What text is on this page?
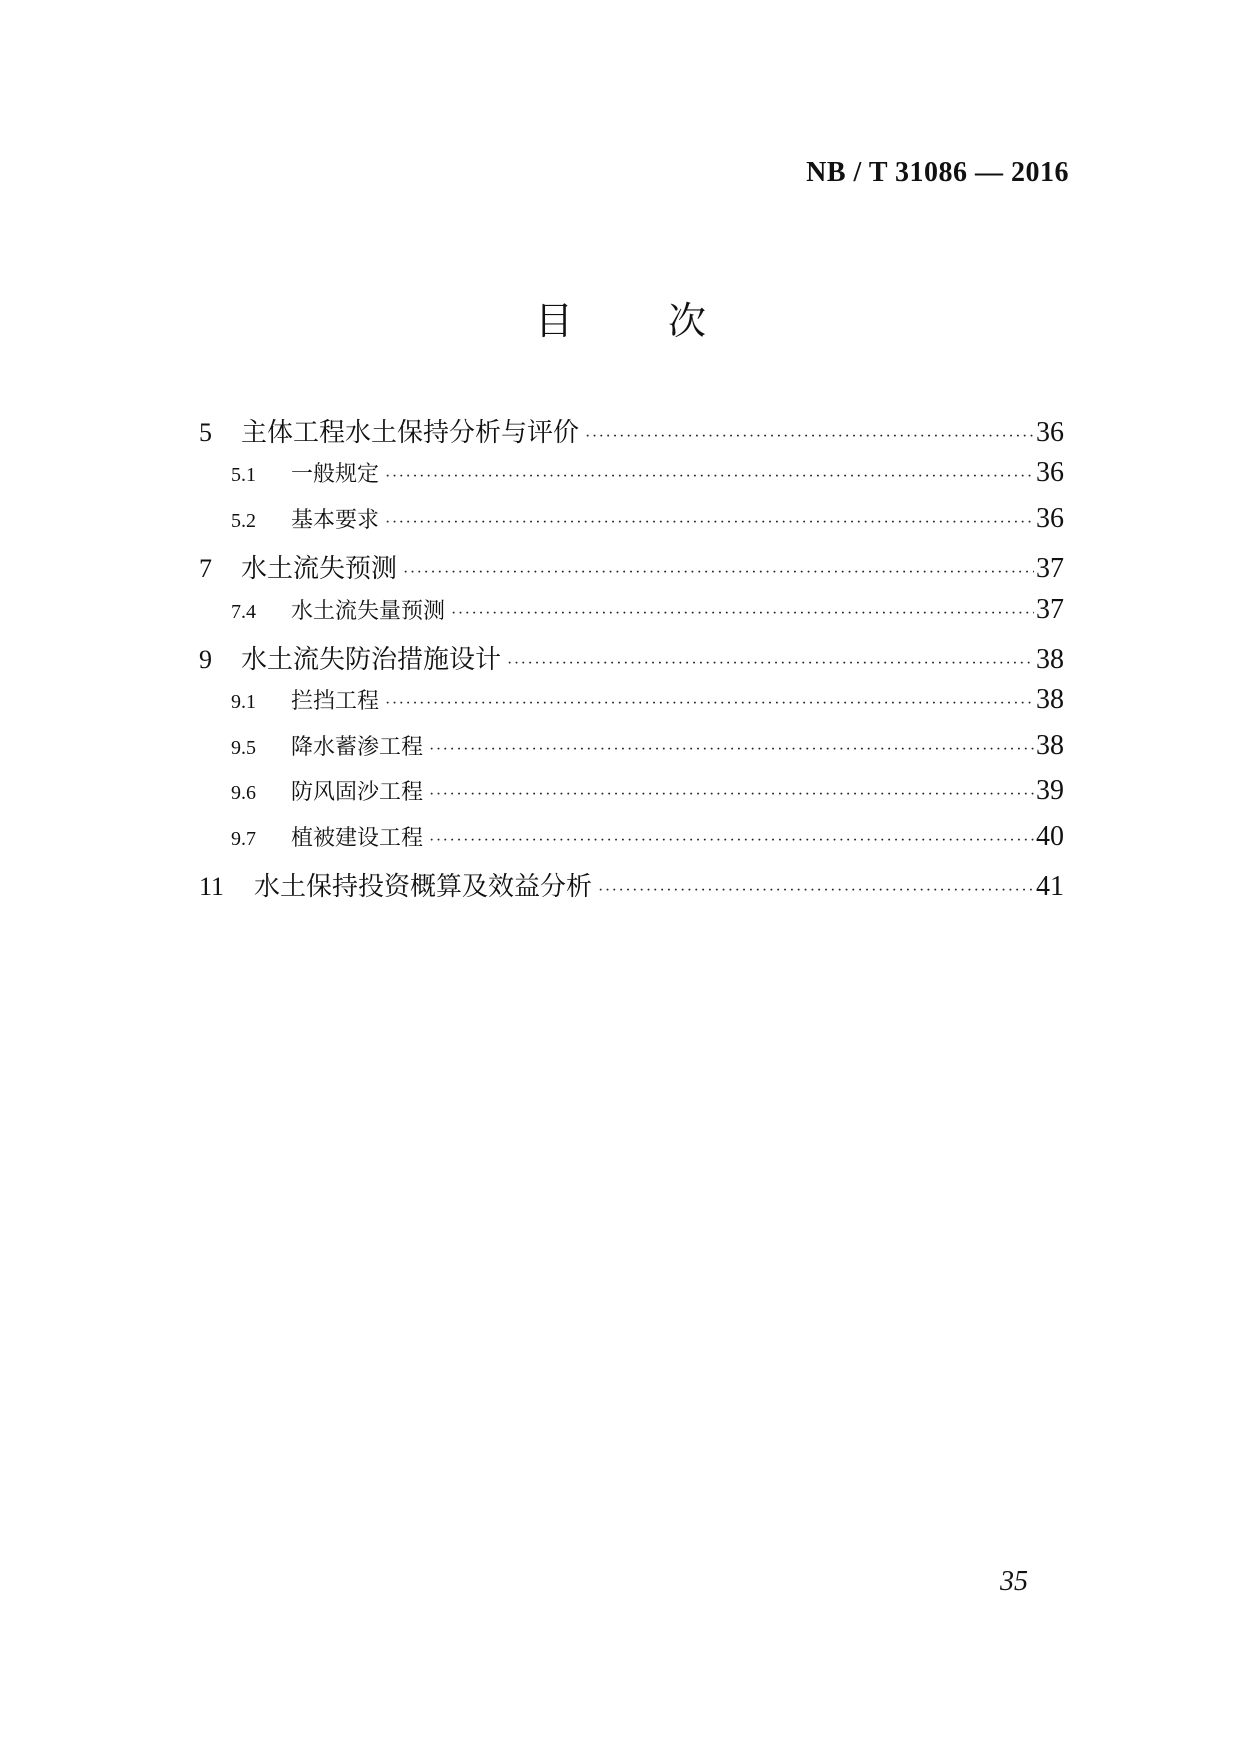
NB / T 31086 — 2016
目次
5	主体工程水土保持分析与评价 ·····	36
5.1	一般规定 ·····	36
5.2	基本要求 ·····	36
7	水土流失预测 ·····	37
7.4	水土流失量预测 ·····	37
9	水土流失防治措施设计 ·····	38
9.1	拦挡工程 ·····	38
9.5	降水蓄渗工程 ·····	38
9.6	防风固沙工程 ·····	39
9.7	植被建设工程 ·····	40
11	水土保持投资概算及效益分析 ·····	41
35
